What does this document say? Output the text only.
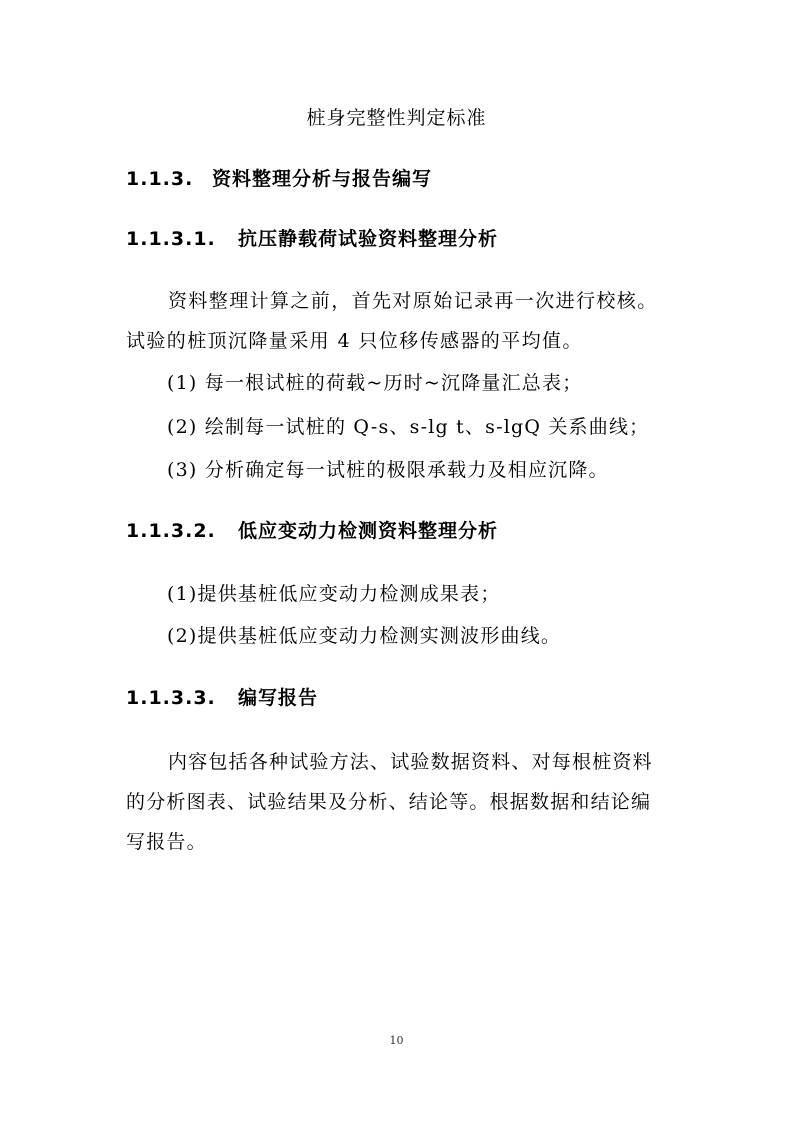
桩身完整性判定标准
1.1.3. 资料整理分析与报告编写
1.1.3.1. 抗压静载荷试验资料整理分析
资料整理计算之前，首先对原始记录再一次进行校核。试验的桩顶沉降量采用 4 只位移传感器的平均值。
(1) 每一根试桩的荷载~历时~沉降量汇总表；
(2) 绘制每一试桩的 Q-s、s-lg t、s-lgQ 关系曲线；
(3) 分析确定每一试桩的极限承载力及相应沉降。
1.1.3.2. 低应变动力检测资料整理分析
(1)提供基桩低应变动力检测成果表；
(2)提供基桩低应变动力检测实测波形曲线。
1.1.3.3. 编写报告
内容包括各种试验方法、试验数据资料、对每根桩资料的分析图表、试验结果及分析、结论等。根据数据和结论编写报告。
10
